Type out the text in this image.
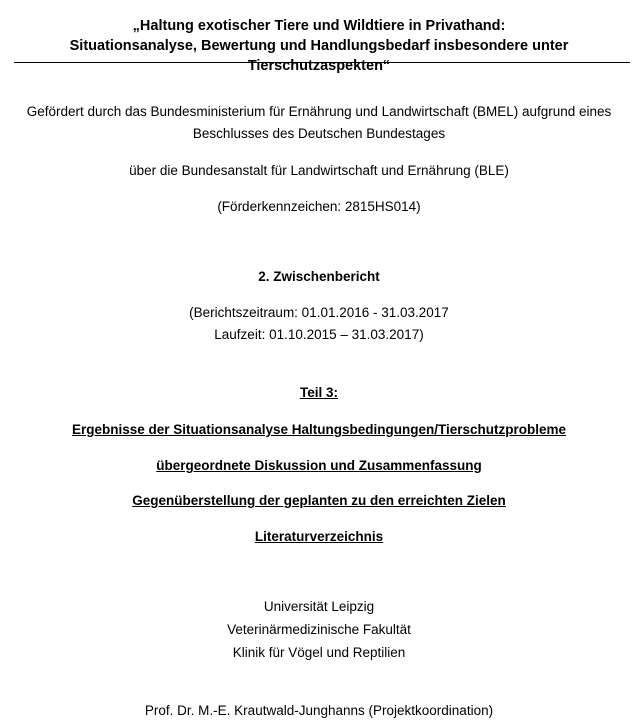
„Haltung exotischer Tiere und Wildtiere in Privathand:
Situationsanalyse, Bewertung und Handlungsbedarf insbesondere unter Tierschutzaspekten“
Gefördert durch das Bundesministerium für Ernährung und Landwirtschaft (BMEL) aufgrund eines
Beschlusses des Deutschen Bundestages
über die Bundesanstalt für Landwirtschaft und Ernährung (BLE)
(Förderkennzeichen: 2815HS014)
2. Zwischenbericht
(Berichtszeitraum: 01.01.2016 - 31.03.2017
Laufzeit: 01.10.2015 – 31.03.2017)
Teil 3:
Ergebnisse der Situationsanalyse Haltungsbedingungen/Tierschutzprobleme
übergeordnete Diskussion und Zusammenfassung
Gegenüberstellung der geplanten zu den erreichten Zielen
Literaturverzeichnis
Universität Leipzig
Veterinärmedizinische Fakultät
Klinik für Vögel und Reptilien
Prof. Dr. M.-E. Krautwald-Junghanns (Projektkoordination)
